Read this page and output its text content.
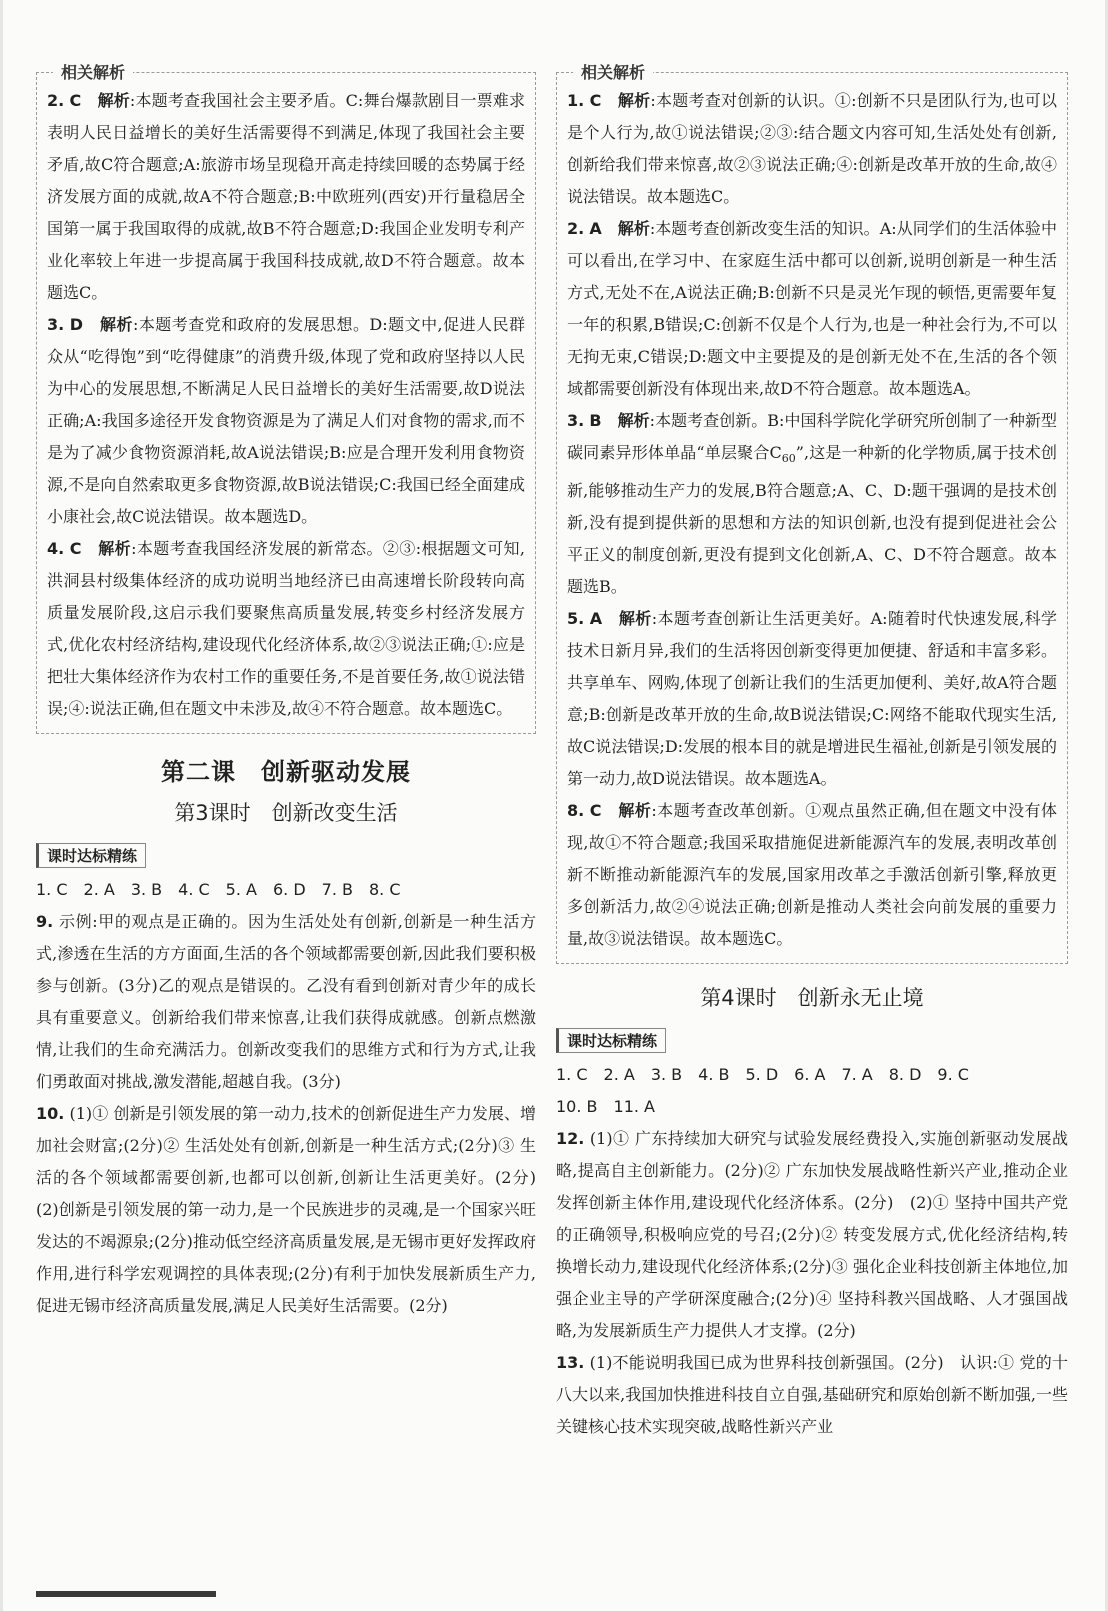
相关解析

2. C　 解析:本题考查我国社会主要矛盾。C:舞台爆款剧目一票难求表明人民日益增长的美好生活需要得不到满足,体现了我国社会主要矛盾,故C符合题意;A:旅游市场呈现稳开高走持续回暖的态势属于经济发展方面的成就,故A不符合题意;B:中欧班列(西安)开行量稳居全国第一属于我国取得的成就,故B不符合题意;D:我国企业发明专利产业化率较上年进一步提高属于我国科技成就,故D不符合题意。故本题选C。

3. D　 解析:本题考查党和政府的发展思想。D:题文中,促进人民群众从“吃得饱”到“吃得健康”的消费升级,体现了党和政府坚持以人民为中心的发展思想,不断满足人民日益增长的美好生活需要,故D说法正确;A:我国多途径开发食物资源是为了满足人们对食物的需求,而不是为了减少食物资源消耗,故A说法错误;B:应是合理开发利用食物资源,不是向自然索取更多食物资源,故B说法错误;C:我国已经全面建成小康社会,故C说法错误。故本题选D。

4. C　 解析:本题考查我国经济发展的新常态。②③:根据题文可知,洪洞县村级集体经济的成功说明当地经济已由高速增长阶段转向高质量发展阶段,这启示我们要聚焦高质量发展,转变乡村经济发展方式,优化农村经济结构,建设现代化经济体系,故②③说法正确;①:应是把壮大集体经济作为农村工作的重要任务,不是首要任务,故①说法错误;④:说法正确,但在题文中未涉及,故④不符合题意。故本题选C。

第二课　创新驱动发展
第3课时　创新改变生活
课时达标精练
1. C　2. A　3. B　4. C　5. A　6. D　7. B　8. C

9. 示例:甲的观点是正确的。因为生活处处有创新,创新是一种生活方式,渗透在生活的方方面面,生活的各个领域都需要创新,因此我们要积极参与创新。(3分)乙的观点是错误的。乙没有看到创新对青少年的成长具有重要意义。创新给我们带来惊喜,让我们获得成就感。创新点燃激情,让我们的生命充满活力。创新改变我们的思维方式和行为方式,让我们勇敢面对挑战,激发潜能,超越自我。(3分)

10. (1)① 创新是引领发展的第一动力,技术的创新促进生产力发展、增加社会财富;(2分)② 生活处处有创新,创新是一种生活方式;(2分)③ 生活的各个领域都需要创新,也都可以创新,创新让生活更美好。(2分)　(2)创新是引领发展的第一动力,是一个民族进步的灵魂,是一个国家兴旺发达的不竭源泉;(2分)推动低空经济高质量发展,是无锡市更好发挥政府作用,进行科学宏观调控的具体表现;(2分)有利于加快发展新质生产力,促进无锡市经济高质量发展,满足人民美好生活需要。(2分)

相关解析

1. C　 解析:本题考查对创新的认识。①:创新不只是团队行为,也可以是个人行为,故①说法错误;②③:结合题文内容可知,生活处处有创新,创新给我们带来惊喜,故②③说法正确;④:创新是改革开放的生命,故④说法错误。故本题选C。

2. A　 解析:本题考查创新改变生活的知识。A:从同学们的生活体验中可以看出,在学习中、在家庭生活中都可以创新,说明创新是一种生活方式,无处不在,A说法正确;B:创新不只是灵光乍现的顿悟,更需要年复一年的积累,B错误;C:创新不仅是个人行为,也是一种社会行为,不可以无拘无束,C错误;D:题文中主要提及的是创新无处不在,生活的各个领域都需要创新没有体现出来,故D不符合题意。故本题选A。

3. B　 解析:本题考查创新。B:中国科学院化学研究所创制了一种新型碳同素异形体单晶“单层聚合$C_{60}$”,这是一种新的化学物质,属于技术创新,能够推动生产力的发展,B符合题意;A、C、D:题干强调的是技术创新,没有提到提供新的思想和方法的知识创新,也没有提到促进社会公平正义的制度创新,更没有提到文化创新,A、C、D不符合题意。故本题选B。

5. A　 解析:本题考查创新让生活更美好。A:随着时代快速发展,科学技术日新月异,我们的生活将因创新变得更加便捷、舒适和丰富多彩。共享单车、网购,体现了创新让我们的生活更加便利、美好,故A符合题意;B:创新是改革开放的生命,故B说法错误;C:网络不能取代现实生活,故C说法错误;D:发展的根本目的就是增进民生福祉,创新是引领发展的第一动力,故D说法错误。故本题选A。

8. C　 解析:本题考查改革创新。①观点虽然正确,但在题文中没有体现,故①不符合题意;我国采取措施促进新能源汽车的发展,表明改革创新不断推动新能源汽车的发展,国家用改革之手激活创新引擎,释放更多创新活力,故②④说法正确;创新是推动人类社会向前发展的重要力量,故③说法错误。故本题选C。

第4课时　创新永无止境
课时达标精练
1. C　2. A　3. B　4. B　5. D　6. A　7. A　8. D　9. C
10. B　11. A

12. (1)① 广东持续加大研究与试验发展经费投入,实施创新驱动发展战略,提高自主创新能力。(2分)② 广东加快发展战略性新兴产业,推动企业发挥创新主体作用,建设现代化经济体系。(2分)　(2)① 坚持中国共产党的正确领导,积极响应党的号召;(2分)② 转变发展方式,优化经济结构,转换增长动力,建设现代化经济体系;(2分)③ 强化企业科技创新主体地位,加强企业主导的产学研深度融合;(2分)④ 坚持科教兴国战略、人才强国战略,为发展新质生产力提供人才支撑。(2分)

13. (1)不能说明我国已成为世界科技创新强国。(2分)　认识:① 党的十八大以来,我国加快推进科技自立自强,基础研究和原始创新不断加强,一些关键核心技术实现突破,战略性新兴产业
